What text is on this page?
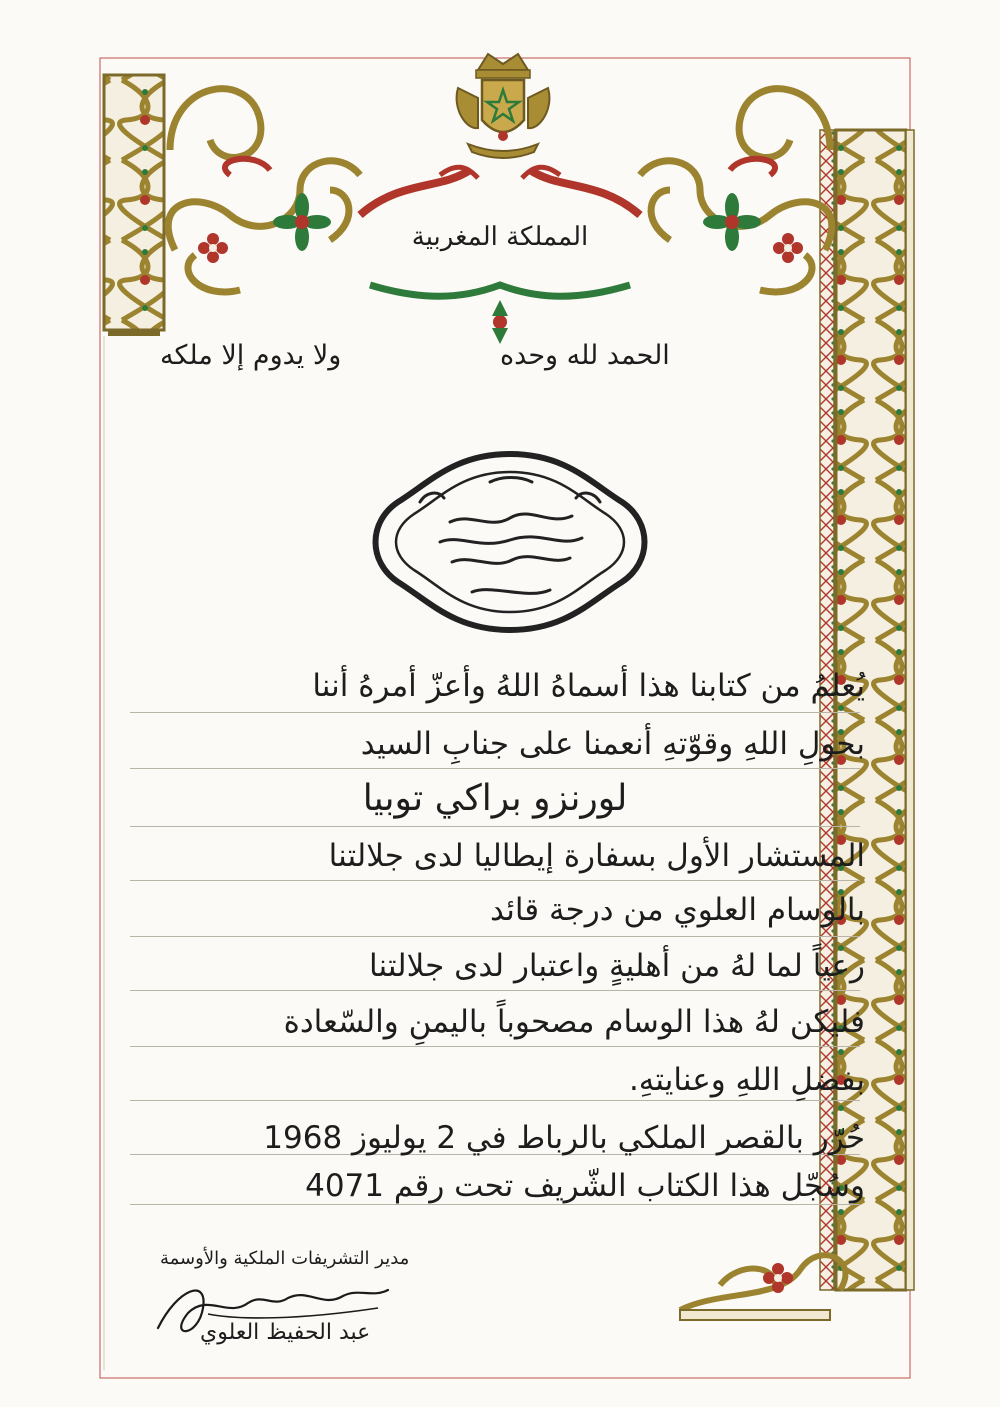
المملكة المغربية
الحمد لله وحده
ولا يدوم إلا ملكه
يُعلمُ من كتابنا هذا أسماهُ اللهُ وأعزّ أمرهُ أننا
بحولِ اللهِ وقوّتهِ أنعمنا على جنابِ السيد
لورنزو براكي توبيا
المستشار الأول بسفارة إيطاليا لدى جلالتنا
بالوسام العلوي من درجة قائد
رعياً لما لهُ من أهليةٍ واعتبار لدى جلالتنا
فليكن لهُ هذا الوسام مصحوباً باليمنِ والسّعادة
بفضلِ اللهِ وعنايتهِ.
حُرّر بالقصر الملكي بالرباط في 2 يوليوز 1968
وسُجّل هذا الكتاب الشّريف تحت رقم 4071
مدير التشريفات الملكية والأوسمة
عبد الحفيظ العلوي
